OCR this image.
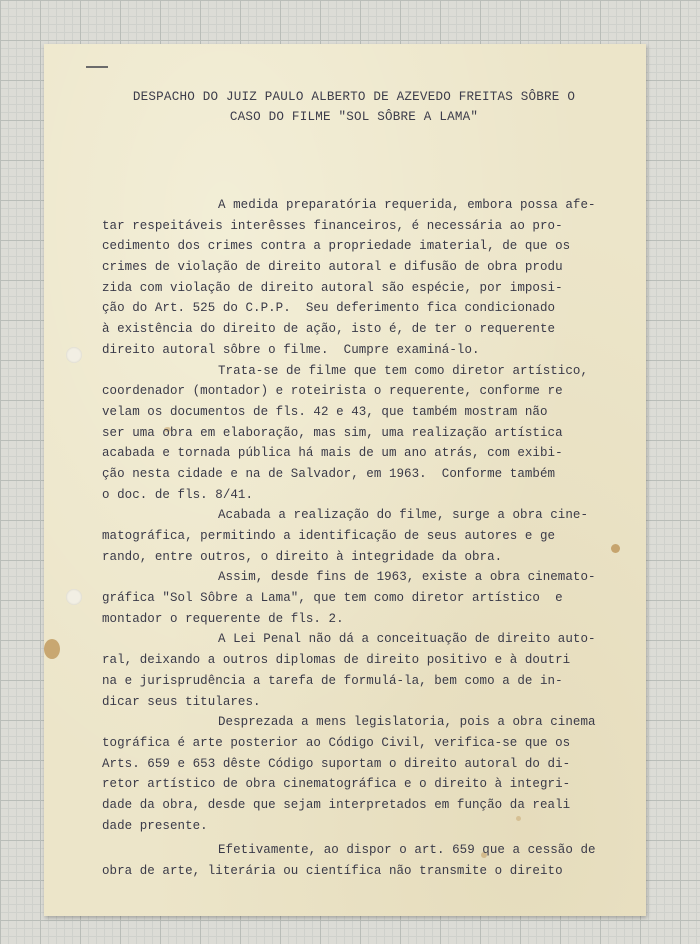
DESPACHO DO JUIZ PAULO ALBERTO DE AZEVEDO FREITAS SÔBRE O
CASO DO FILME "SOL SÔBRE A LAMA"
A medida preparatória requerida, embora possa afe-
tar respeitáveis interêsses financeiros, é necessária ao pro-
cedimento dos crimes contra a propriedade imaterial, de que os
crimes de violação de direito autoral e difusão de obra produ
zida com violação de direito autoral são espécie, por imposi-
ção do Art. 525 do C.P.P.  Seu deferimento fica condicionado
à existência do direito de ação, isto é, de ter o requerente
direito autoral sôbre o filme.  Cumpre examiná-lo.
Trata-se de filme que tem como diretor artístico,
coordenador (montador) e roteirista o requerente, conforme re
velam os documentos de fls. 42 e 43, que também mostram não
ser uma obra em elaboração, mas sim, uma realização artística
acabada e tornada pública há mais de um ano atrás, com exibi-
ção nesta cidade e na de Salvador, em 1963.  Conforme também
o doc. de fls. 8/41.
Acabada a realização do filme, surge a obra cine-
matográfica, permitindo a identificação de seus autores e ge
rando, entre outros, o direito à integridade da obra.
Assim, desde fins de 1963, existe a obra cinemato-
gráfica "Sol Sôbre a Lama", que tem como diretor artístico  e
montador o requerente de fls. 2.
A Lei Penal não dá a conceituação de direito auto-
ral, deixando a outros diplomas de direito positivo e à doutri
na e jurisprudência a tarefa de formulá-la, bem como a de in-
dicar seus titulares.
Desprezada a mens legislatoria, pois a obra cinema
tográfica é arte posterior ao Código Civil, verifica-se que os
Arts. 659 e 653 dêste Código suportam o direito autoral do di-
retor artístico de obra cinematográfica e o direito à integri-
dade da obra, desde que sejam interpretados em função da reali
dade presente.
Efetivamente, ao dispor o art. 659 que a cessão de
obra de arte, literária ou científica não transmite o direito
